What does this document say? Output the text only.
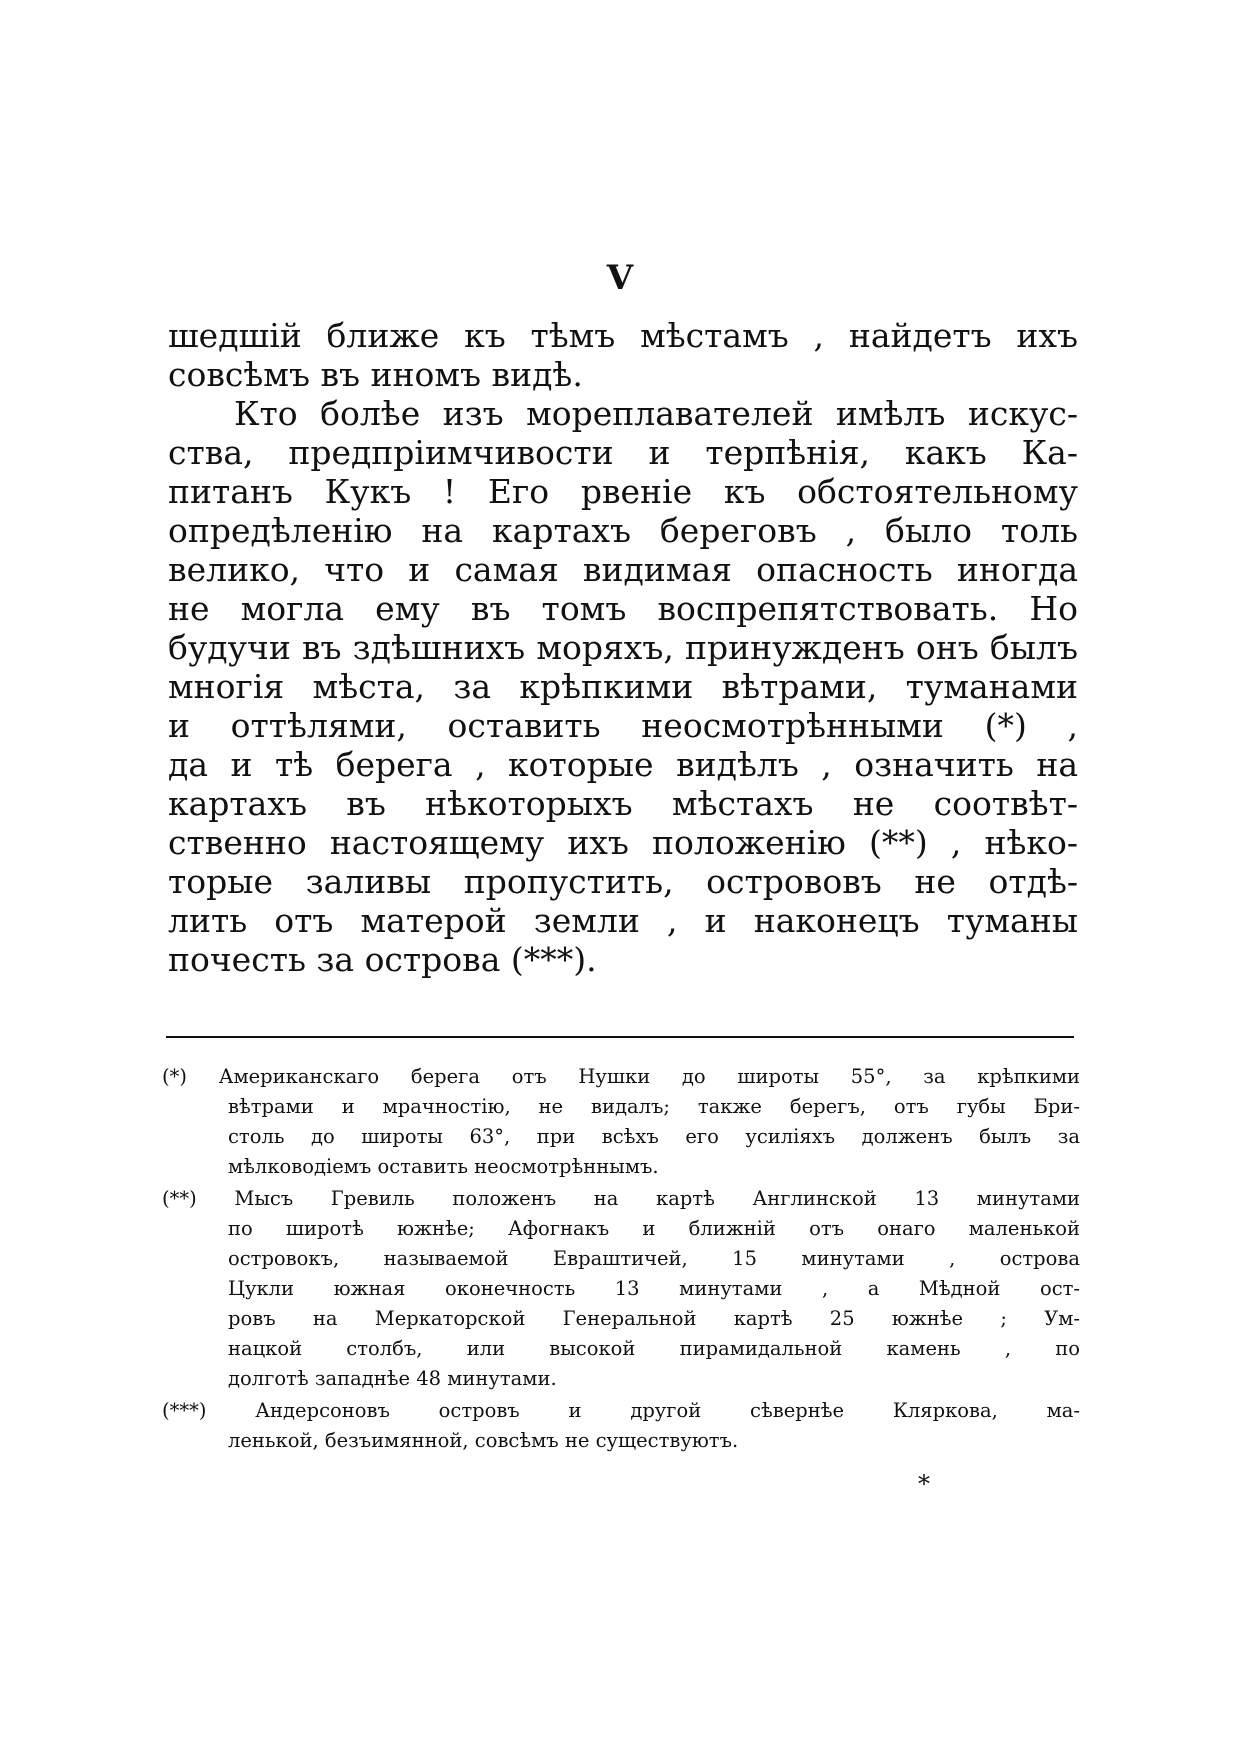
V
шедшій ближе къ тѣмъ мѣстамъ , найдетъ ихъ
совсѣмъ въ иномъ видѣ.
Кто болѣе изъ мореплавателей имѣлъ искус-
ства, предпріимчивости и терпѣнія, какъ Ка-
питанъ Кукъ ! Его рвеніе къ обстоятельному
опредѣленію на картахъ береговъ , было толь
велико, что и самая видимая опасность иногда
не могла ему въ томъ воспрепятствовать. Но
будучи въ здѣшнихъ моряхъ, принужденъ онъ былъ
многія мѣста, за крѣпкими вѣтрами, туманами
и оттѣлями, оставить неосмотрѣнными (*) ,
да и тѣ берега , которые видѣлъ , означить на
картахъ въ нѣкоторыхъ мѣстахъ не соотвѣт-
ственно настоящему ихъ положенію (**) , нѣко-
торые заливы пропустить, острововъ не отдѣ-
лить отъ матерой земли , и наконецъ туманы
почесть за острова (***).
(*) Американскаго берега отъ Нушки до широты 55°, за крѣпкими
вѣтрами и мрачностію, не видалъ; также берегъ, отъ губы Бри-
столь до широты 63°, при всѣхъ его усиліяхъ долженъ былъ за
мѣлководіемъ оставить неосмотрѣннымъ.
(**) Мысъ Гревиль положенъ на картѣ Англинской 13 минутами
по широтѣ южнѣе; Афогнакъ и ближній отъ онаго маленькой
островокъ, называемой Евраштичей, 15 минутами , острова
Цукли южная оконечность 13 минутами , а Мѣдной ост-
ровъ на Меркаторской Генеральной картѣ 25 южнѣе ; Ум-
нацкой столбъ, или высокой пирамидальной камень , по
долготѣ западнѣе 48 минутами.
(***)	Андерсоновъ островъ и другой сѣвернѣе Кляркова, ма-
ленькой, безъимянной, совсѣмъ не существуютъ.
*
